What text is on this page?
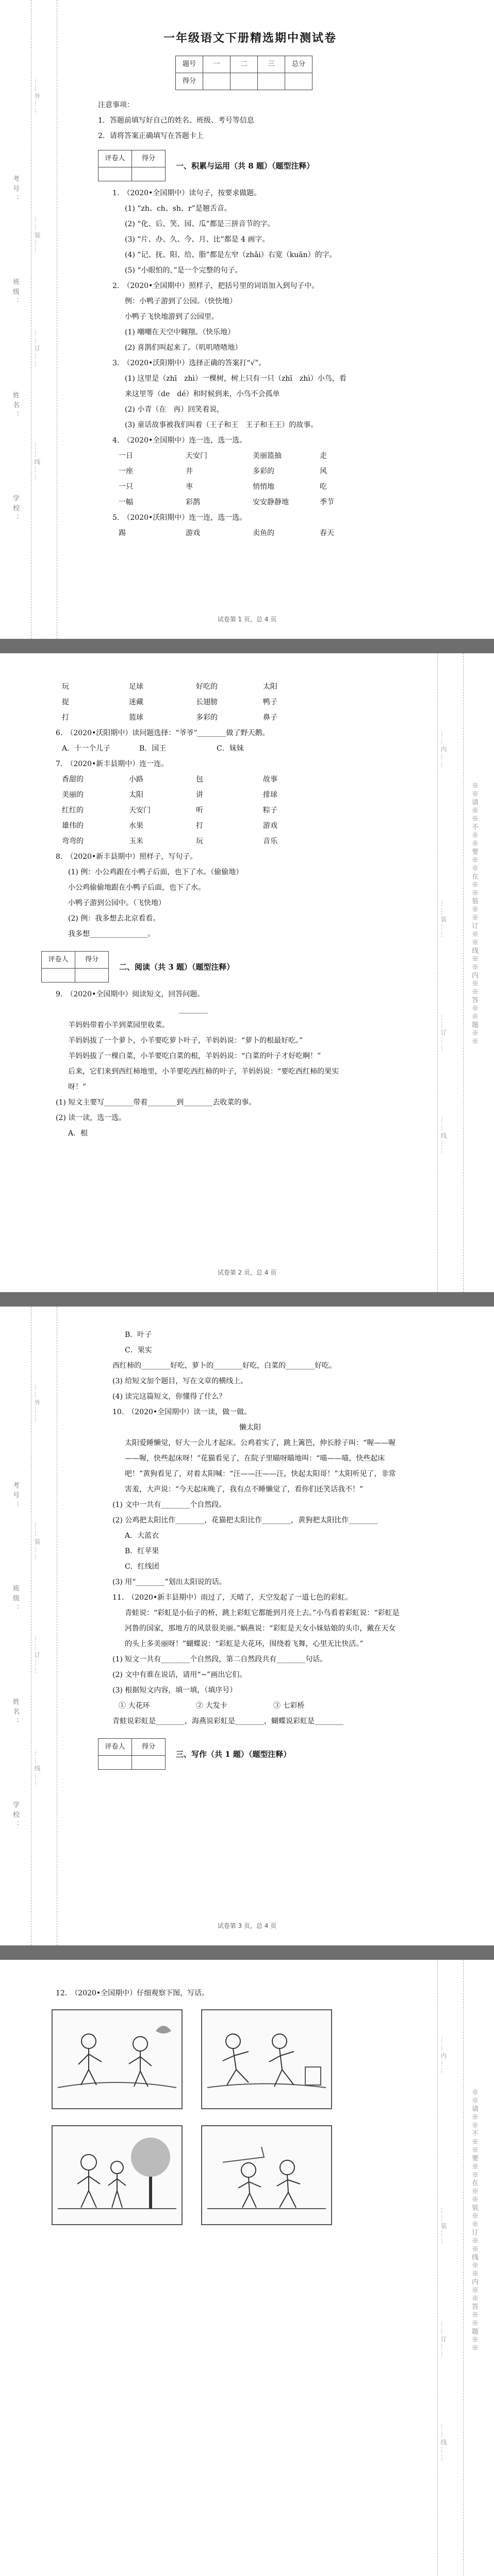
……外……
……装……
……订……
……线……
考号：
班级：
姓名：
学校：
一年级语文下册精选期中测试卷
题号	一	二	三	总分
得分				
注意事项：
1．答题前填写好自己的姓名、班级、考号等信息
2．请将答案正确填写在答题卡上
评卷人	得分

一、积累与运用（共 8 题）（题型注释）

1.　（2020•全国期中）读句子，按要求做题。

(1) “zh、ch、sh、r”是翘舌音。

(2) “化、后、笑、园、瓜”都是三拼音节的字。

(3) “片、办、久、今、月、比”都是 4 画字。

(4) “记、抚、阳、给、脂”都是左窄（zhǎi）右宽（kuān）的字。

(5) “小眼怕的，”是一个完整的句子。

2.　（2020•全国期中）照样子，把括号里的词语加入到句子中。

例：小鸭子游到了公园。（快快地）

小鸭子飞快地游到了公园里。

(1) 嘲嘲在天空中翱翔。（快乐地）

(2) 喜鹊们叫起来了。（叽叽喳喳地）

3.　（2020•沃阳期中）选择正确的答案打“√”。

(1) 这里是（zhī　zhì）一棵树，树上只有一只（zhī　zhì）小鸟，看

来这里等（de　dé）和时候到来，小鸟不会孤单

(2) 小青（在　再）回笑着说，

(3) 童话故事被我们叫着（王子和王　王子和王王）的故事。

4.　（2020•全国期中）连一连，选一选。

一日	天安门	美丽篮抽	走
一座	井	多彩的	风
一只	枣	悄悄地	吃
一幅	彩鹊	安安静静地	季节

5.　（2020•沃阳期中）连一连，选一选。

踢	游戏	卖鱼的	春天
试卷第 1 页，总 4 页
……内……
……装……
……订……
……线……
※※请※※不※※要※※在※※装※※订※※线※※内※※答※※题※※
玩	足球	好吃的	太阳
捉	迷藏	长翅膀	鸭子
打	篮球	多彩的	鼻子

6.　（2020•沃阳期中）读问题选择：“爷爷”________做了野天鹅。

A．十一个儿子	B．国王	C．妹妹

7.　（2020•新丰县期中）连一连。

香甜的	小路	包	故事
美丽的	太阳	讲	排球
红红的	天安门	听	粽子
雄伟的	水果	打	游戏
弯弯的	玉米	玩	音乐

8.　（2020•新丰县期中）照样子，写句子。

(1) 例：小公鸡跟在小鸭子后面，也下了水。（偷偷地）

小公鸡偷偷地跟在小鸭子后面，也下了水。

小鸭子游到公园中。（飞快地）

(2) 例：我多想去北京看看。

我多想________________。

评卷人	得分

二、阅读（共 3 题）（题型注释）

9.　（2020•全国期中）阅读短文，回答问题。

________

羊妈妈带着小羊到菜园里收菜。

羊妈妈拔了一个萝卜，小羊要吃萝卜叶子，羊妈妈说：“萝卜的根最好吃。”

羊妈妈拔了一棵白菜，小羊要吃白菜的根，羊妈妈说：“白菜的叶子才好吃啊！”

后来，它们来到西红柿地里，小羊要吃西红柿的叶子，羊妈妈说：“要吃西红柿的果实呀！”

(1) 短文主要写________带着________到________去收菜的事。

(2) 读一读，选一选。

A．根

试卷第 2 页，总 4 页
……外……
……装……
……订……
……线……
考号：
班级：
姓名：
学校：

B．叶子

C．果实

西红柿的________好吃，萝卜的________好吃，白菜的________好吃。

(3) 给短文加个题目，写在文章的横线上。

(4) 读完这篇短文，你懂得了什么？

10.　（2020•全国期中）读一读，做一做。

懒太阳

太阳爱睡懒觉，好大一会儿才起床。公鸡着实了，跳上篱笆，伸长脖子叫：“喔——喔——喔，快些起床呀！”花猫看见了，在院子里瞄呀瞄地叫：“喵——喵，快些起床吧！”黄狗看见了，对着太阳喊：“汪——汪——汪，快起太阳哥！”太阳听见了，非常害羞，大声说：“今天起床晚了，我有点不睡懒觉了，看你们还笑话我不！”

(1) 文中一共有________个自然段。

(2) 公鸡把太阳比作________，花猫把太阳比作________，黄狗把太阳比作________

A．大蓝衣

B．红苹果

C．红线团

(3) 用“________”划出太阳说的话。

11.　（2020•新丰县期中）雨过了，天晴了，天空发起了一道七色的彩虹。

青蛙说：“彩虹是小仙子的桥，跳上彩虹它都能到月亮上去。”小鸟看着彩虹说：“彩虹是河鲁的国家，那地方的风景很美丽。”蜗燕说：“彩虹是天女小妹姑娘的头巾，戴在天女的头上多美丽呀！”蝴蝶说：“彩虹是大花环，围绕着飞舞，心里无比快活。”

(1) 短文一共有________个自然段，第二自然段共有________句话。

(2) 文中有谁在说话，请用“~”画出它们。

(3) 根据短文内容，填一填，（填序号）

① 大花环	② 大发卡	③ 七彩桥

青蛙说彩虹是________，海燕说彩虹是________，蝴蝶说彩虹是________

评卷人	得分

三、写作（共 1 题）（题型注释）
试卷第 3 页，总 4 页
……内……
……装……
……订……
……线……
※※请※※不※※要※※在※※装※※订※※线※※内※※答※※题※※

12.　（2020•全国期中）仔细观察下图，写话。
